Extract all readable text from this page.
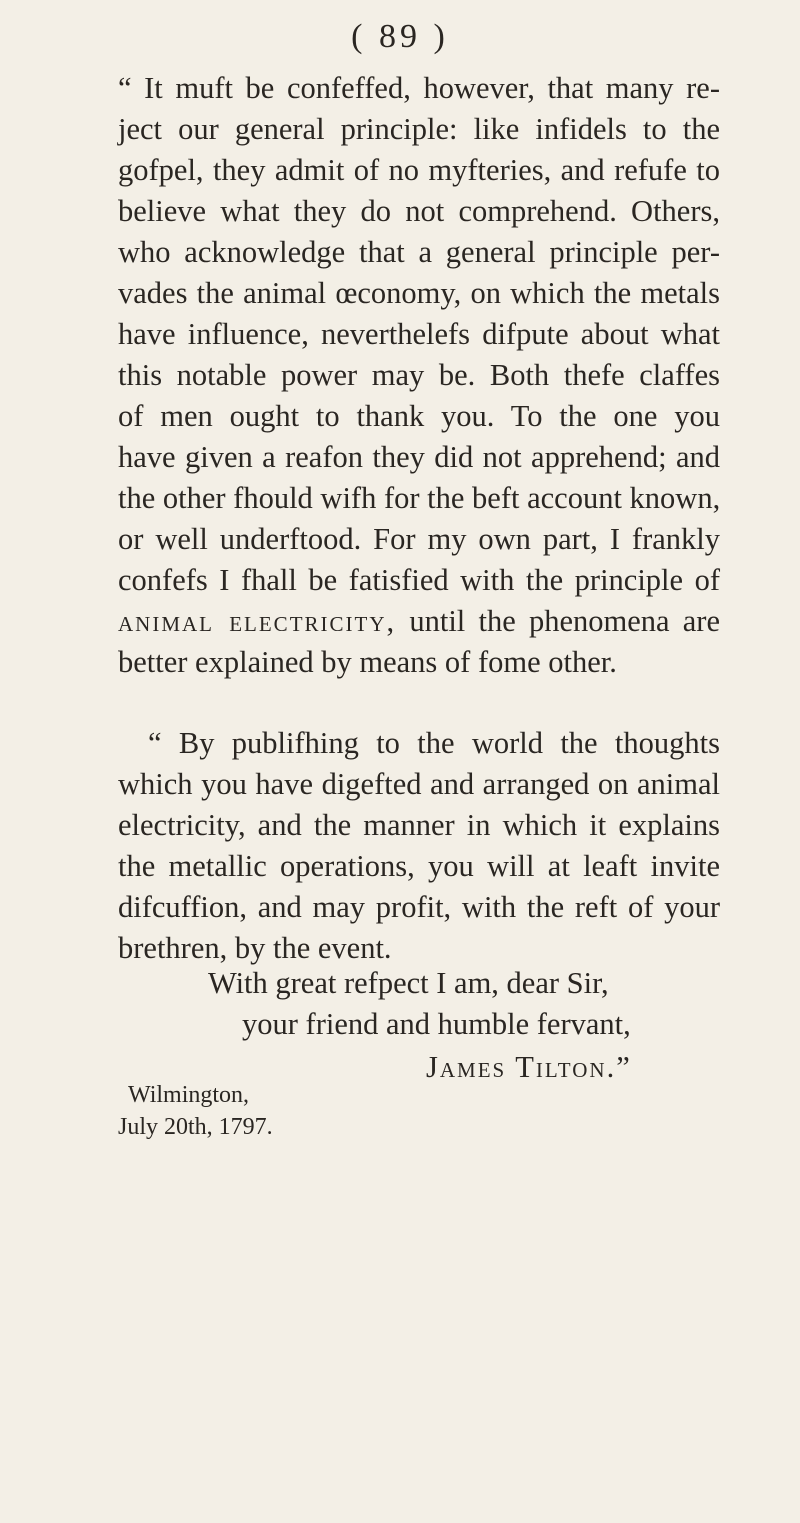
( 89 )

“ It muft be confeffed, however, that many re-
ject our general principle: like infidels to the
gofpel, they admit of no myfteries, and refufe to
believe what they do not comprehend. Others,
who acknowledge that a general principle per-
vades the animal œconomy, on which the metals
have influence, neverthelefs difpute about what
this notable power may be. Both thefe claffes
of men ought to thank you. To the one you
have given a reafon they did not apprehend; and
the other fhould wifh for the beft account known,
or well underftood. For my own part, I frankly
confefs I fhall be fatisfied with the principle of
animal electricity, until the phenomena are
better explained by means of fome other.

“ By publifhing to the world the thoughts
which you have digefted and arranged on animal
electricity, and the manner in which it explains
the metallic operations, you will at leaft invite
difcuffion, and may profit, with the reft of your
brethren, by the event.

With great refpect I am, dear Sir,
your friend and humble fervant,
James Tilton.”
Wilmington,
July 20th, 1797.
